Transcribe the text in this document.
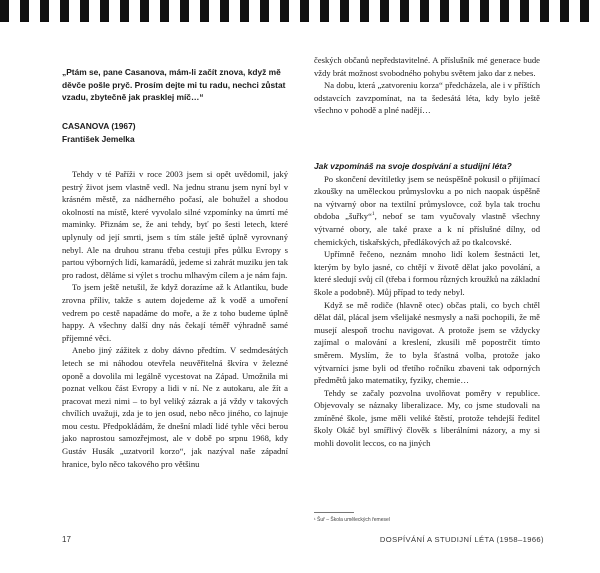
„Ptám se, pane Casanova, mám-li začít znova, když mě děvče pošle pryč. Prosím dejte mi tu radu, nechci zůstat vzadu, zbytečně jak prasklej míč…“
CASANOVA (1967)
František Jemelka

Tehdy v té Paříži v roce 2003 jsem si opět uvědomil, jaký pestrý život jsem vlastně vedl. Na jednu stranu jsem nyní byl v krásném městě, za nádherného počasí, ale bohužel a shodou okolností na místě, které vyvolalo silné vzpomínky na úmrtí mé maminky. Přiznám se, že ani tehdy, byť po šesti letech, které uplynuly od její smrti, jsem s tím stále ještě úplně vyrovnaný nebyl. Ale na druhou stranu třeba cestuji přes půlku Evropy s partou výborných lidí, kamarádů, jedeme si zahrát muziku jen tak pro radost, děláme si výlet s trochu mlhavým cílem a je nám fajn.

To jsem ještě netušil, že když dorazíme až k Atlantiku, bude zrovna příliv, takže s autem dojedeme až k vodě a umoření vedrem po cestě napadáme do moře, a že z toho budeme úplně happy. A všechny další dny nás čekají téměř výhradně samé příjemné věci.

Anebo jiný zážitek z doby dávno předtím. V sedmdesátých letech se mi náhodou otevřela neuvěřitelná škvíra v železné oponě a dovolila mi legálně vycestovat na Západ. Umožnila mi poznat velkou část Evropy a lidi v ní. Ne z autokaru, ale žít a pracovat mezi nimi – to byl veliký zázrak a já vždy v takových chvílích uvažuji, zda je to jen osud, nebo něco jiného, co lajnuje mou cestu. Předpokládám, že dnešní mladí lidé tyhle věci berou jako naprostou samozřejmost, ale v době po srpnu 1968, kdy Gustáv Husák „uzatvoril korzo“, jak nazýval naše západní hranice, bylo něco takového pro většinu

českých občanů nepředstavitelné. A příslušník mé generace bude vždy brát možnost svobodného pohybu světem jako dar z nebes.

Na dobu, která „zatvoreniu korza“ předcházela, ale i v příštích odstavcích zavzpomínat, na ta šedesátá léta, kdy bylo ještě všechno v pohodě a plné nadějí…

Jak vzpomínáš na svoje dospívání a studijní léta?

Po skončení devítiletky jsem se neúspěšně pokusil o přijímací zkoušky na uměleckou průmyslovku a po nich naopak úspěšně na výtvarný obor na textilní průmyslovce, což byla tak trochu obdoba „šuřky“$^1$, nebof se tam vyučovaly vlastně všechny výtvarné obory, ale také praxe a k ní příslušné dílny, od chemických, tiskařských, předlákových až po tkalcovské.

Upřímně řečeno, neznám mnoho lidí kolem šestnácti let, kterým by bylo jasné, co chtějí v životě dělat jako povolání, a které sledují svůj cíl (třeba i formou různých kroužků na základní škole a podobně). Můj případ to tedy nebyl.

Když se mě rodiče (hlavně otec) občas ptali, co bych chtěl dělat dál, plácal jsem všelijaké nesmysly a naši pochopili, že mě musejí alespoň trochu navigovat. A protože jsem se vždycky zajímal o malování a kreslení, zkusili mě popostrčit tímto směrem. Myslím, že to byla šťastná volba, protože jako výtvarníci jsme byli od třetího ročníku zbaveni tak odporných předmětů jako matematiky, fyziky, chemie…

Tehdy se začaly pozvolna uvolňovat poměry v republice. Objevovaly se náznaky liberalizace. My, co jsme studovali na zmíněné škole, jsme měli veliké štěstí, protože tehdejší ředitel školy Okáč byl smířlivý člověk s liberálními názory, a my si mohli dovolit leccos, co na jiných

¹ Šuř – Škola uměleckých řemesel
17	DOSPÍVÁNÍ A STUDIJNÍ LÉTA (1958–1966)
